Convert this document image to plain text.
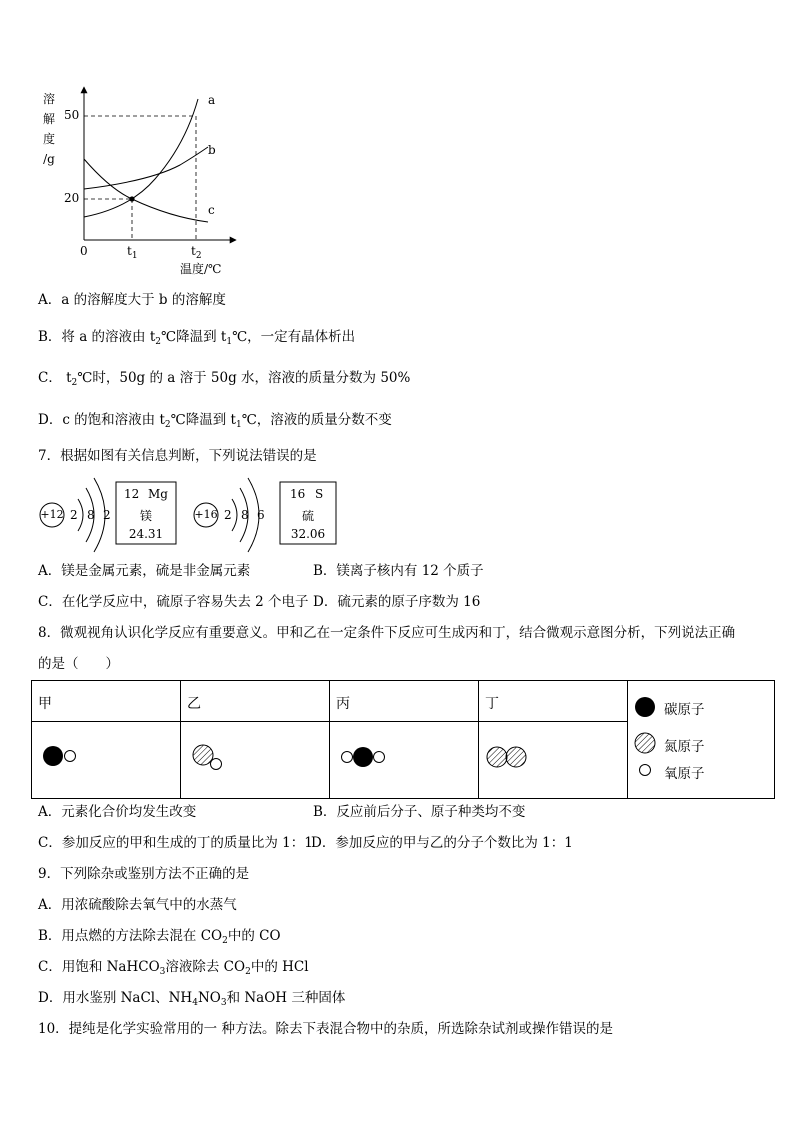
溶
解
度
/g
50
20
0	$t_1$	$t_2$
温度/℃
a
b
c
A．a 的溶解度大于 b 的溶解度
B．将 a 的溶液由 $t_2℃$降温到 $t_1℃$，一定有晶体析出
C． $t_2℃$时，50g 的 a 溶于 50g 水，溶液的质量分数为 50%
D．c 的饱和溶液由 $t_2℃$降温到 $t_1℃$，溶液的质量分数不变
7．根据如图有关信息判断，下列说法错误的是
+12 2 8 2
12 Mg
镁
24.31
+16 2 8 6
16 S
硫
32.06
A．镁是金属元素，硫是非金属元素	B．镁离子核内有 12 个质子
C．在化学反应中，硫原子容易失去 2 个电子 D．硫元素的原子序数为 16
8．微观视角认识化学反应有重要意义。甲和乙在一定条件下反应可生成丙和丁，结合微观示意图分析，下列说法正确
的是（　　）
甲	乙	丙	丁	碳原子
氮原子
氧原子

A．元素化合价均发生改变	B．反应前后分子、原子种类均不变
C．参加反应的甲和生成的丁的质量比为 1：1
D．参加反应的甲与乙的分子个数比为 1：1
9．下列除杂或鉴别方法不正确的是
A．用浓硫酸除去氧气中的水蒸气
B．用点燃的方法除去混在 $CO_2$中的 CO
C．用饱和 NaHCO$_3$溶液除去 $CO_2$中的 HCl
D．用水鉴别 NaCl、$NH_4NO_3$和 NaOH 三种固体
10．提纯是化学实验常用的一 种方法。除去下表混合物中的杂质，所选除杂试剂或操作错误的是
